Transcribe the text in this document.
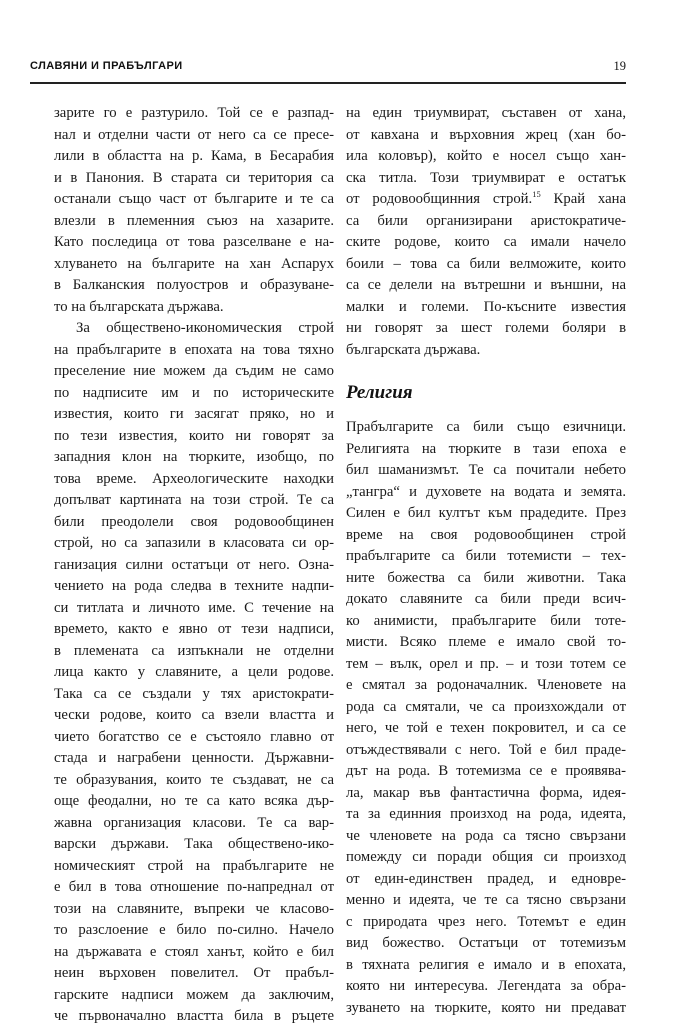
СЛАВЯНИ И ПРАБЪЛГАРИ	19
зарите го е разтурило. Той се е разпад-
нал и отделни части от него са се пресе-
лили в областта на р. Кама, в Бесарабия
и в Панония. В старата си територия са
останали също част от българите и те са
влезли в племенния съюз на хазарите.
Като последица от това разселване е на-
хлуването на българите на хан Аспарух
в Балканския полуостров и образуване-
то на българската държава.
За обществено-икономическия строй
на прабългарите в епохата на това тяхно
преселение ние можем да съдим не само
по надписите им и по историческите
известия, които ги засягат пряко, но и
по тези известия, които ни говорят за
западния клон на тюрките, изобщо, по
това време. Археологическите находки
допълват картината на този строй. Те са
били преодолели своя родовообщинен
строй, но са запазили в класовата си ор-
ганизация силни остатъци от него. Озна-
чението на рода следва в техните надпи-
си титлата и личното име. С течение на
времето, както е явно от тези надписи,
в племената са изпъкнали не отделни
лица както у славяните, а цели родове.
Така са се създали у тях аристократи-
чески родове, които са взели властта и
чието богатство се е състояло главно от
стада и награбени ценности. Държавни-
те образувания, които те създават, не са
още феодални, но те са като всяка дър-
жавна организация класови. Те са вар-
варски държави. Така обществено-ико-
номическият строй на прабългарите не
е бил в това отношение по-напреднал от
този на славяните, въпреки че класово-
то разслоение е било по-силно. Начело
на държавата е стоял ханът, който е бил
неин върховен повелител. От прабъл-
гарските надписи можем да заключим,
че първоначално властта била в ръцете
на един триумвират, съставен от хана,
от кавхана и върховния жрец (хан бо-
ила коловър), който е носел също хан-
ска титла. Този триумвират е остатък
от родовообщинния строй.$^{15}$ Край хана
са били организирани аристократиче-
ските родове, които са имали начело
боили – това са били велможите, които
са се делели на вътрешни и външни, на
малки и големи. По-късните известия
ни говорят за шест големи боляри в
българската държава.
Религия
Прабългарите са били също езичници.
Религията на тюрките в тази епоха е
бил шаманизмът. Те са почитали небето
„тангра“ и духовете на водата и земята.
Силен е бил култът към прадедите. През
време на своя родовообщинен строй
прабългарите са били тотемисти – тех-
ните божества са били животни. Така
докато славяните са били преди всич-
ко анимисти, прабългарите били тоте-
мисти. Всяко племе е имало свой то-
тем – вълк, орел и пр. – и този тотем се
е смятал за родоначалник. Членовете на
рода са смятали, че са произхождали от
него, че той е техен покровител, и са се
отъждествявали с него. Той е бил праде-
дът на рода. В тотемизма се е проявява-
ла, макар във фантастична форма, идея-
та за единния произход на рода, идеята,
че членовете на рода са тясно свързани
помежду си поради общия си произход
от един-единствен прадед, и едновре-
менно и идеята, че те са тясно свързани
с природата чрез него. Тотемът е един
вид божество. Остатъци от тотемизъм
в тяхната религия е имало и в епохата,
която ни интересува. Легендата за обра-
зуването на тюрките, която ни предават
